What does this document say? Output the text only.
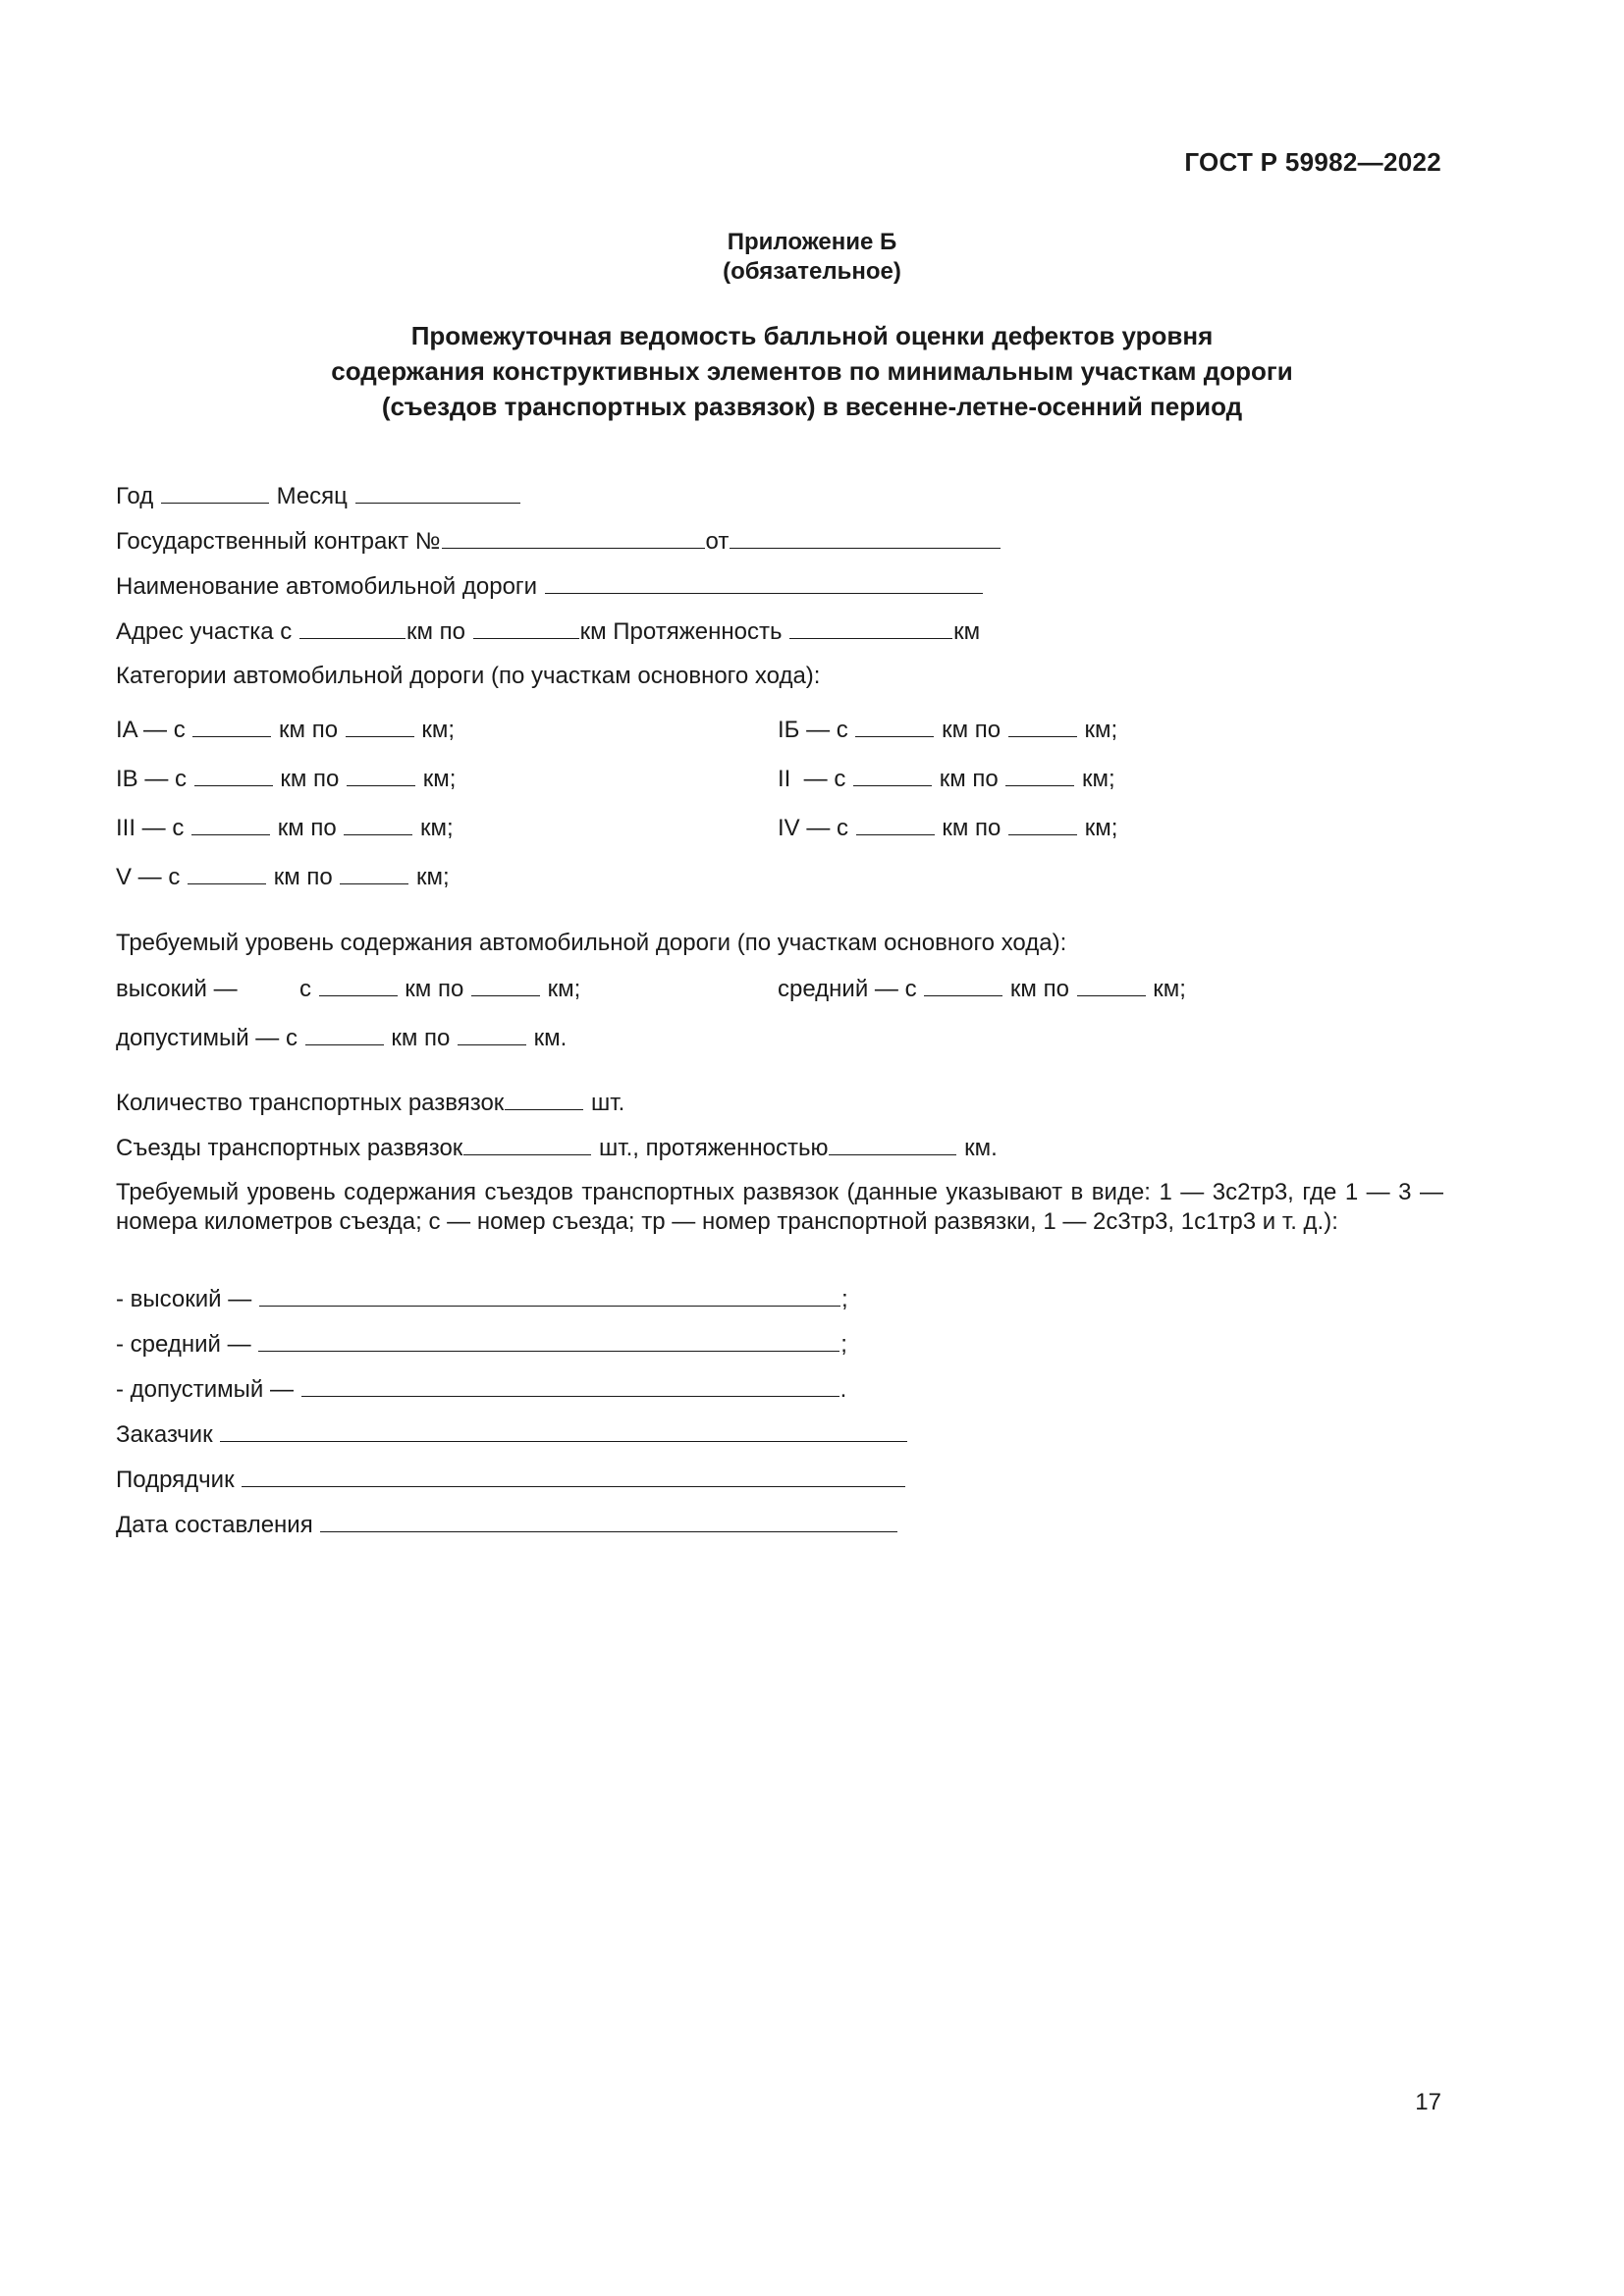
ГОСТ Р 59982—2022
Приложение Б
(обязательное)
Промежуточная ведомость балльной оценки дефектов уровня
содержания конструктивных элементов по минимальным участкам дороги
(съездов транспортных развязок) в весенне-летне-осенний период
Год	Месяц
Государственный контракт №	от
Наименование автомобильной дороги
Адрес участка с	км по	км Протяженность	км
Категории автомобильной дороги (по участкам основного хода):
IA — с	км по	км;	IБ — с	км по	км;
IВ — с	км по	км;	II  — с	км по	км;
III — с	км по	км;	IV — с	км по	км;
V — с	км по	км;
Требуемый уровень содержания автомобильной дороги (по участкам основного хода):
высокий —	с	км по	км;	средний — с	км по	км;
допустимый — с	км по	км.
Количество транспортных развязок	шт.
Съезды транспортных развязок	шт., протяженностью	км.
Требуемый уровень содержания съездов транспортных развязок (данные указывают в виде: 1 — 3с2тр3, где 1 — 3 — номера километров съезда; с — номер съезда; тр — номер транспортной развязки, 1 — 2с3тр3, 1с1тр3 и т. д.):
- высокий —	;
- средний —	;
- допустимый —	.
Заказчик
Подрядчик
Дата составления
17
